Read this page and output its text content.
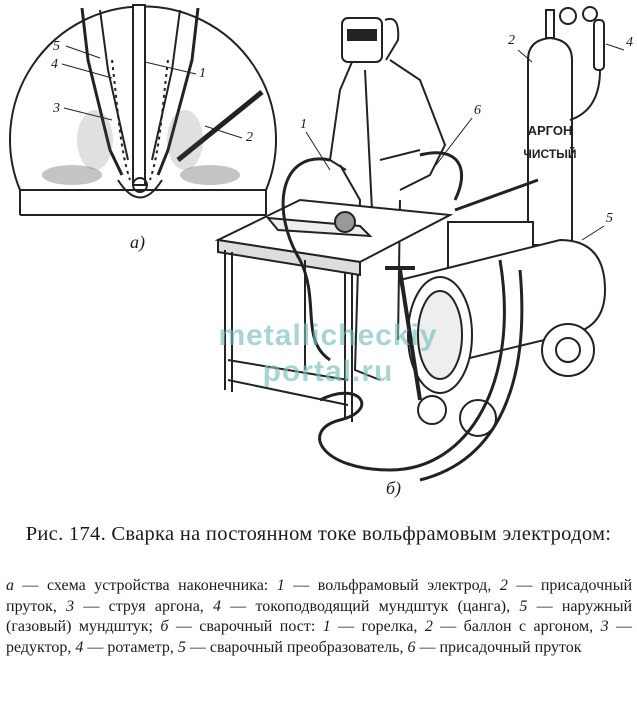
АРГОН
ЧИСТЫЙ
5
4
3
1
2
а)
1
6
2	4
5
б)
metallicheckiy
portal.ru
Рис. 174. Сварка на постоянном токе вольфрамовым электродом:
а — схема устройства наконечника: 1 — вольфрамовый электрод, 2 — присадочный пруток, 3 — струя аргона, 4 — токоподводящий мундштук (цанга), 5 — наружный (газовый) мундштук; б — сварочный пост: 1 — горелка, 2 — баллон с аргоном, 3 — редуктор, 4 — ротаметр, 5 — сварочный преобразователь, 6 — присадочный пруток
